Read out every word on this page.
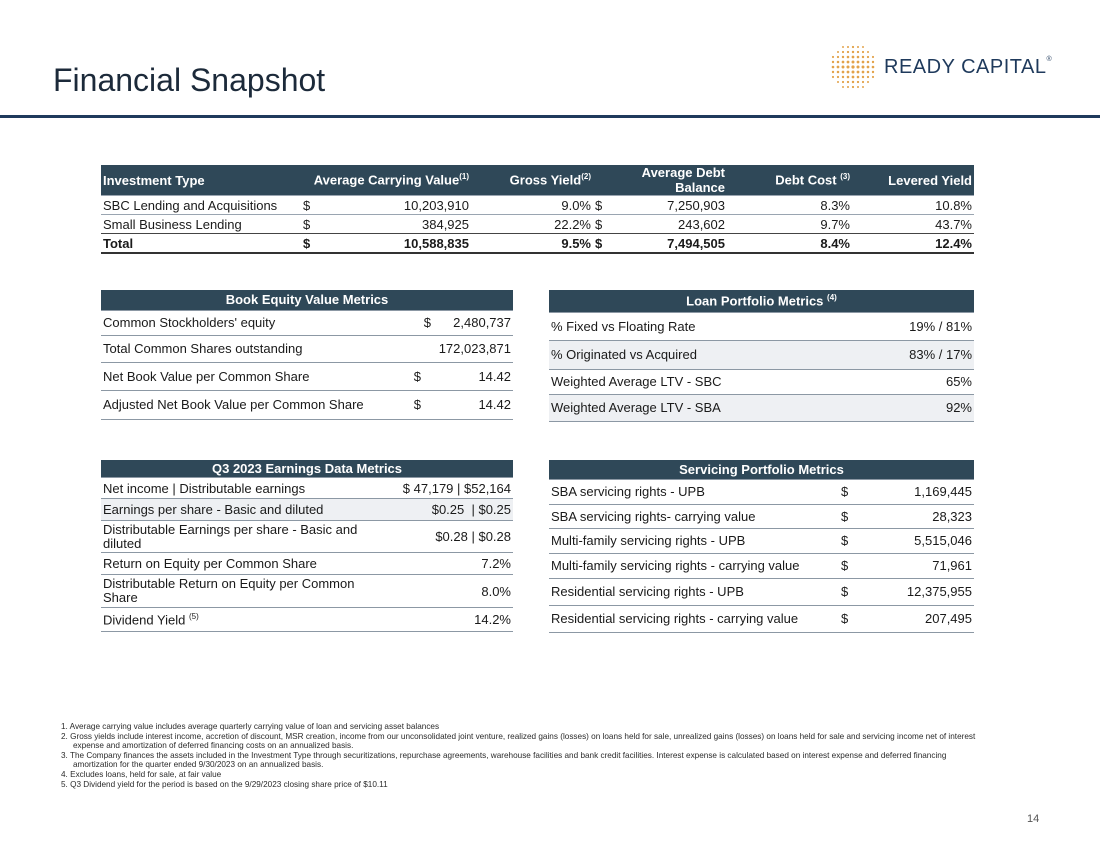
Financial Snapshot	READY CAPITAL®
Investment Type	Average Carrying Value$^{(1)}$		Gross Yield$^{(2)}$	Average Debt Balance		Debt Cost $^{(3)}$	Levered Yield
SBC Lending and Acquisitions	$	10,203,910	9.0%	$	7,250,903	8.3%	10.8%
Small Business Lending	$	384,925	22.2%	$	243,602	9.7%	43.7%
Total	$	10,588,835	9.5%	$	7,494,505	8.4%	12.4%
Book Equity Value Metrics		
Common Stockholders' equity	$	2,480,737
Total Common Shares outstanding		172,023,871
Net Book Value per Common Share	$	14.42
Adjusted Net Book Value per Common Share	$	14.42
Loan Portfolio Metrics $^{(4)}$
% Fixed vs Floating Rate	19% / 81%
% Originated vs Acquired	83% / 17%
Weighted Average LTV - SBC	65%
Weighted Average LTV - SBA	92%
Q3 2023 Earnings Data Metrics	
Net income | Distributable earnings	$ 47,179 | $52,164
Earnings per share - Basic and diluted	$0.25  | $0.25
Distributable Earnings per share - Basic and diluted	$0.28 | $0.28
Return on Equity per Common Share	7.2%
Distributable Return on Equity per Common Share	8.0%
Dividend Yield $^{(5)}$	14.2%
Servicing Portfolio Metrics		
SBA servicing rights - UPB	$	1,169,445
SBA servicing rights- carrying value	$	28,323
Multi-family servicing rights - UPB	$	5,515,046
Multi-family servicing rights - carrying value	$	71,961
Residential servicing rights - UPB	$	12,375,955
Residential servicing rights - carrying value	$	207,495
1. Average carrying value includes average quarterly carrying value of loan and servicing asset balances
2. Gross yields include interest income, accretion of discount, MSR creation, income from our unconsolidated joint venture, realized gains (losses) on loans held for sale, unrealized gains (losses) on loans held for sale and servicing income net of interest expense and amortization of deferred financing costs on an annualized basis.
3. The Company finances the assets included in the Investment Type through securitizations, repurchase agreements, warehouse facilities and bank credit facilities. Interest expense is calculated based on interest expense and deferred financing amortization for the quarter ended 9/30/2023 on an annualized basis.
4. Excludes loans, held for sale, at fair value
5. Q3 Dividend yield for the period is based on the 9/29/2023 closing share price of $10.11
14
